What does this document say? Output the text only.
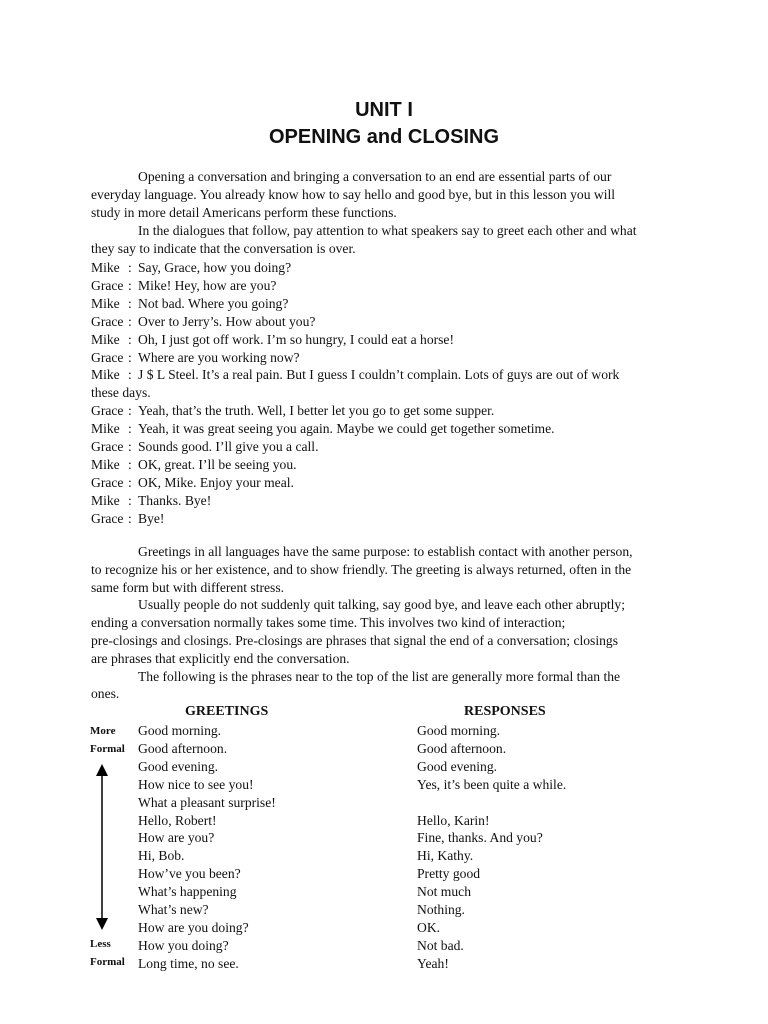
UNIT I
OPENING and CLOSING
Opening a conversation and bringing a conversation to an end are essential parts of our
everyday language. You already know how to say hello and good bye, but in this lesson you will
study in more detail Americans perform these functions.
In the dialogues that follow, pay attention to what speakers say to greet each other and what
they say to indicate that the conversation is over.
Mike : Say, Grace, how you doing?
Grace : Mike! Hey, how are you?
Mike : Not bad. Where you going?
Grace : Over to Jerry’s. How about you?
Mike : Oh, I just got off work. I’m so hungry, I could eat a horse!
Grace : Where are you working now?
Mike : J $ L Steel. It’s a real pain. But I guess I couldn’t complain. Lots of guys are out of work
these days.
Grace : Yeah, that’s the truth. Well, I better let you go to get some supper.
Mike : Yeah, it was great seeing you again. Maybe we could get together sometime.
Grace : Sounds good. I’ll give you a call.
Mike : OK, great. I’ll be seeing you.
Grace : OK, Mike. Enjoy your meal.
Mike : Thanks. Bye!
Grace : Bye!
Greetings in all languages have the same purpose: to establish contact with another person,
to recognize his or her existence, and to show friendly. The greeting is always returned, often in the
same form but with different stress.
Usually people do not suddenly quit talking, say good bye, and leave each other abruptly;
ending a conversation normally takes some time. This involves two kind of interaction;
pre-closings and closings. Pre-closings are phrases that signal the end of a conversation; closings
are phrases that explicitly end the conversation.
The following is the phrases near to the top of the list are generally more formal than the
ones.
GREETINGS	RESPONSES
More
Formal
Less
Formal
Good morning.	Good morning.
Good afternoon.	Good afternoon.
Good evening.	Good evening.
How nice to see you!	Yes, it’s been quite a while.
What a pleasant surprise!
Hello, Robert!	Hello, Karin!
How are you?	Fine, thanks. And you?
Hi, Bob.	Hi, Kathy.
How’ve you been?	Pretty good
What’s happening	Not much
What’s new?	Nothing.
How are you doing?	OK.
How you doing?	Not bad.
Long time, no see.	Yeah!
